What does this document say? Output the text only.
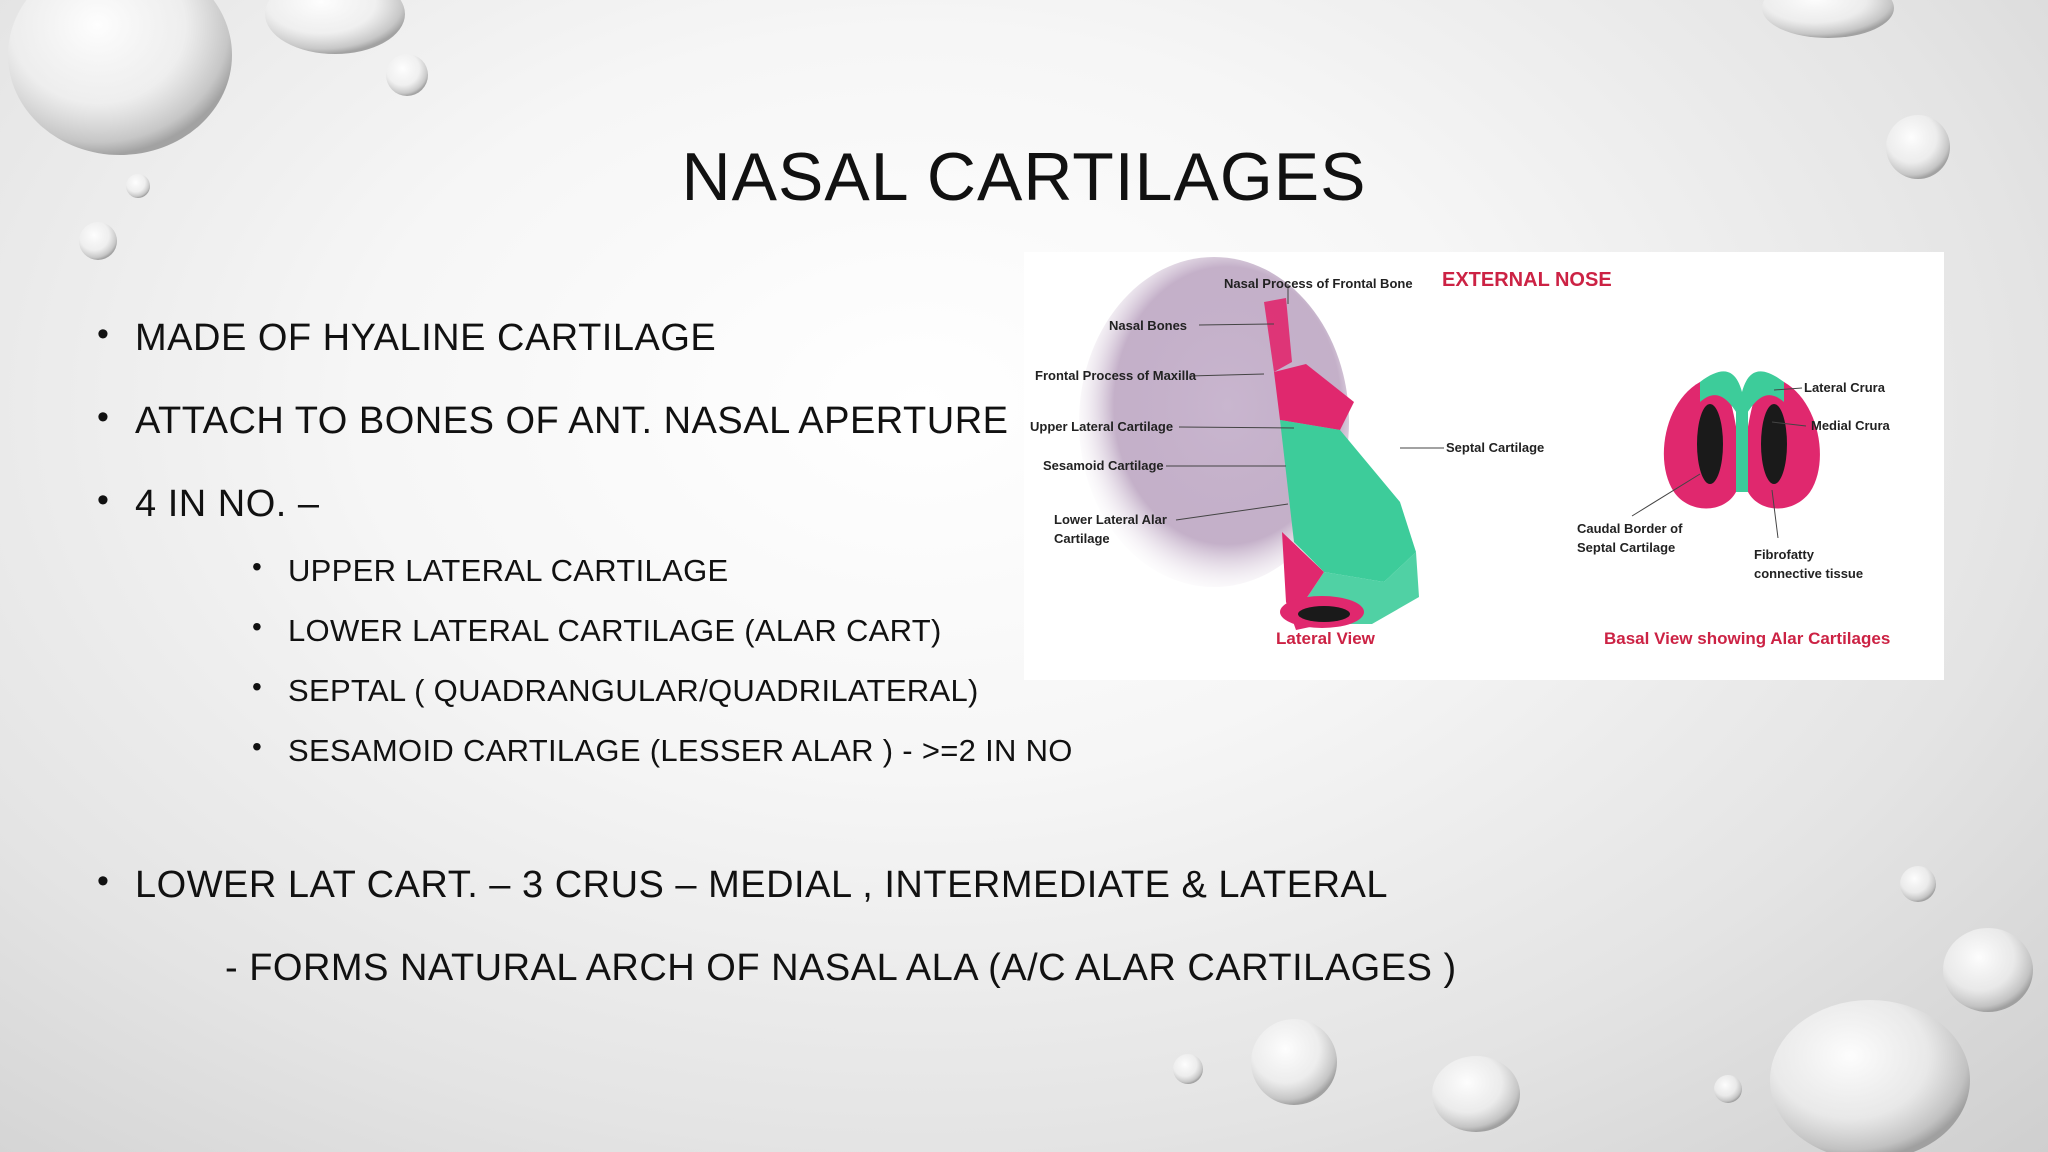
NASAL CARTILAGES
• MADE OF HYALINE CARTILAGE
• ATTACH TO BONES OF ANT. NASAL APERTURE
• 4 IN NO. –
• UPPER LATERAL CARTILAGE
• LOWER LATERAL CARTILAGE (ALAR CART)
• SEPTAL ( QUADRANGULAR/QUADRILATERAL)
• SESAMOID CARTILAGE (LESSER ALAR ) - >=2 IN NO
• LOWER LAT CART. – 3 CRUS – MEDIAL , INTERMEDIATE & LATERAL
- FORMS NATURAL ARCH OF NASAL ALA (A/C ALAR CARTILAGES )
EXTERNAL NOSE
Nasal Process of Frontal Bone
Nasal Bones
Frontal Process of Maxilla
Upper Lateral Cartilage
Sesamoid Cartilage
Lower Lateral Alar
Cartilage
Septal Cartilage
Lateral Crura
Medial Crura
Caudal Border of
Septal Cartilage	Fibrofatty
connective tissue
Lateral View	Basal View showing Alar Cartilages
